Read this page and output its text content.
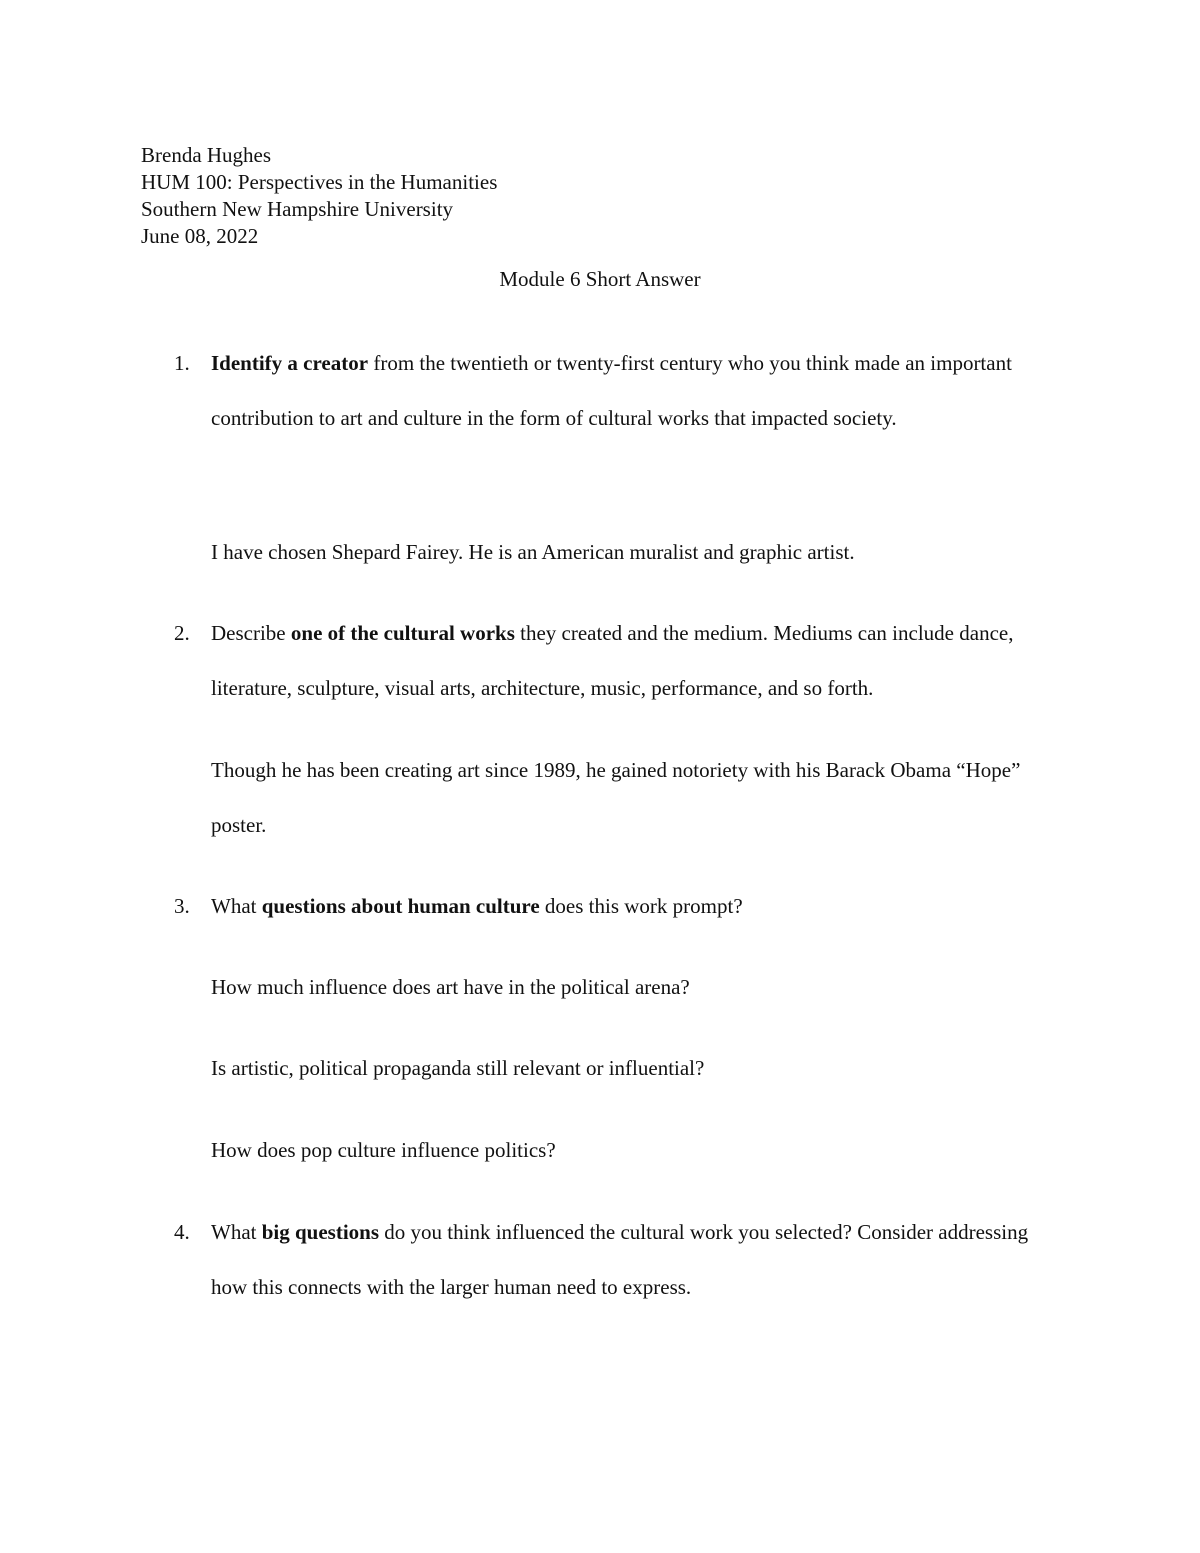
Brenda Hughes
HUM 100: Perspectives in the Humanities
Southern New Hampshire University
June 08, 2022
Module 6 Short Answer
1. Identify a creator from the twentieth or twenty-first century who you think made an important contribution to art and culture in the form of cultural works that impacted society.
I have chosen Shepard Fairey. He is an American muralist and graphic artist.
2. Describe one of the cultural works they created and the medium. Mediums can include dance, literature, sculpture, visual arts, architecture, music, performance, and so forth.
Though he has been creating art since 1989, he gained notoriety with his Barack Obama “Hope” poster.
3. What questions about human culture does this work prompt?
How much influence does art have in the political arena?
Is artistic, political propaganda still relevant or influential?
How does pop culture influence politics?
4. What big questions do you think influenced the cultural work you selected? Consider addressing how this connects with the larger human need to express.
